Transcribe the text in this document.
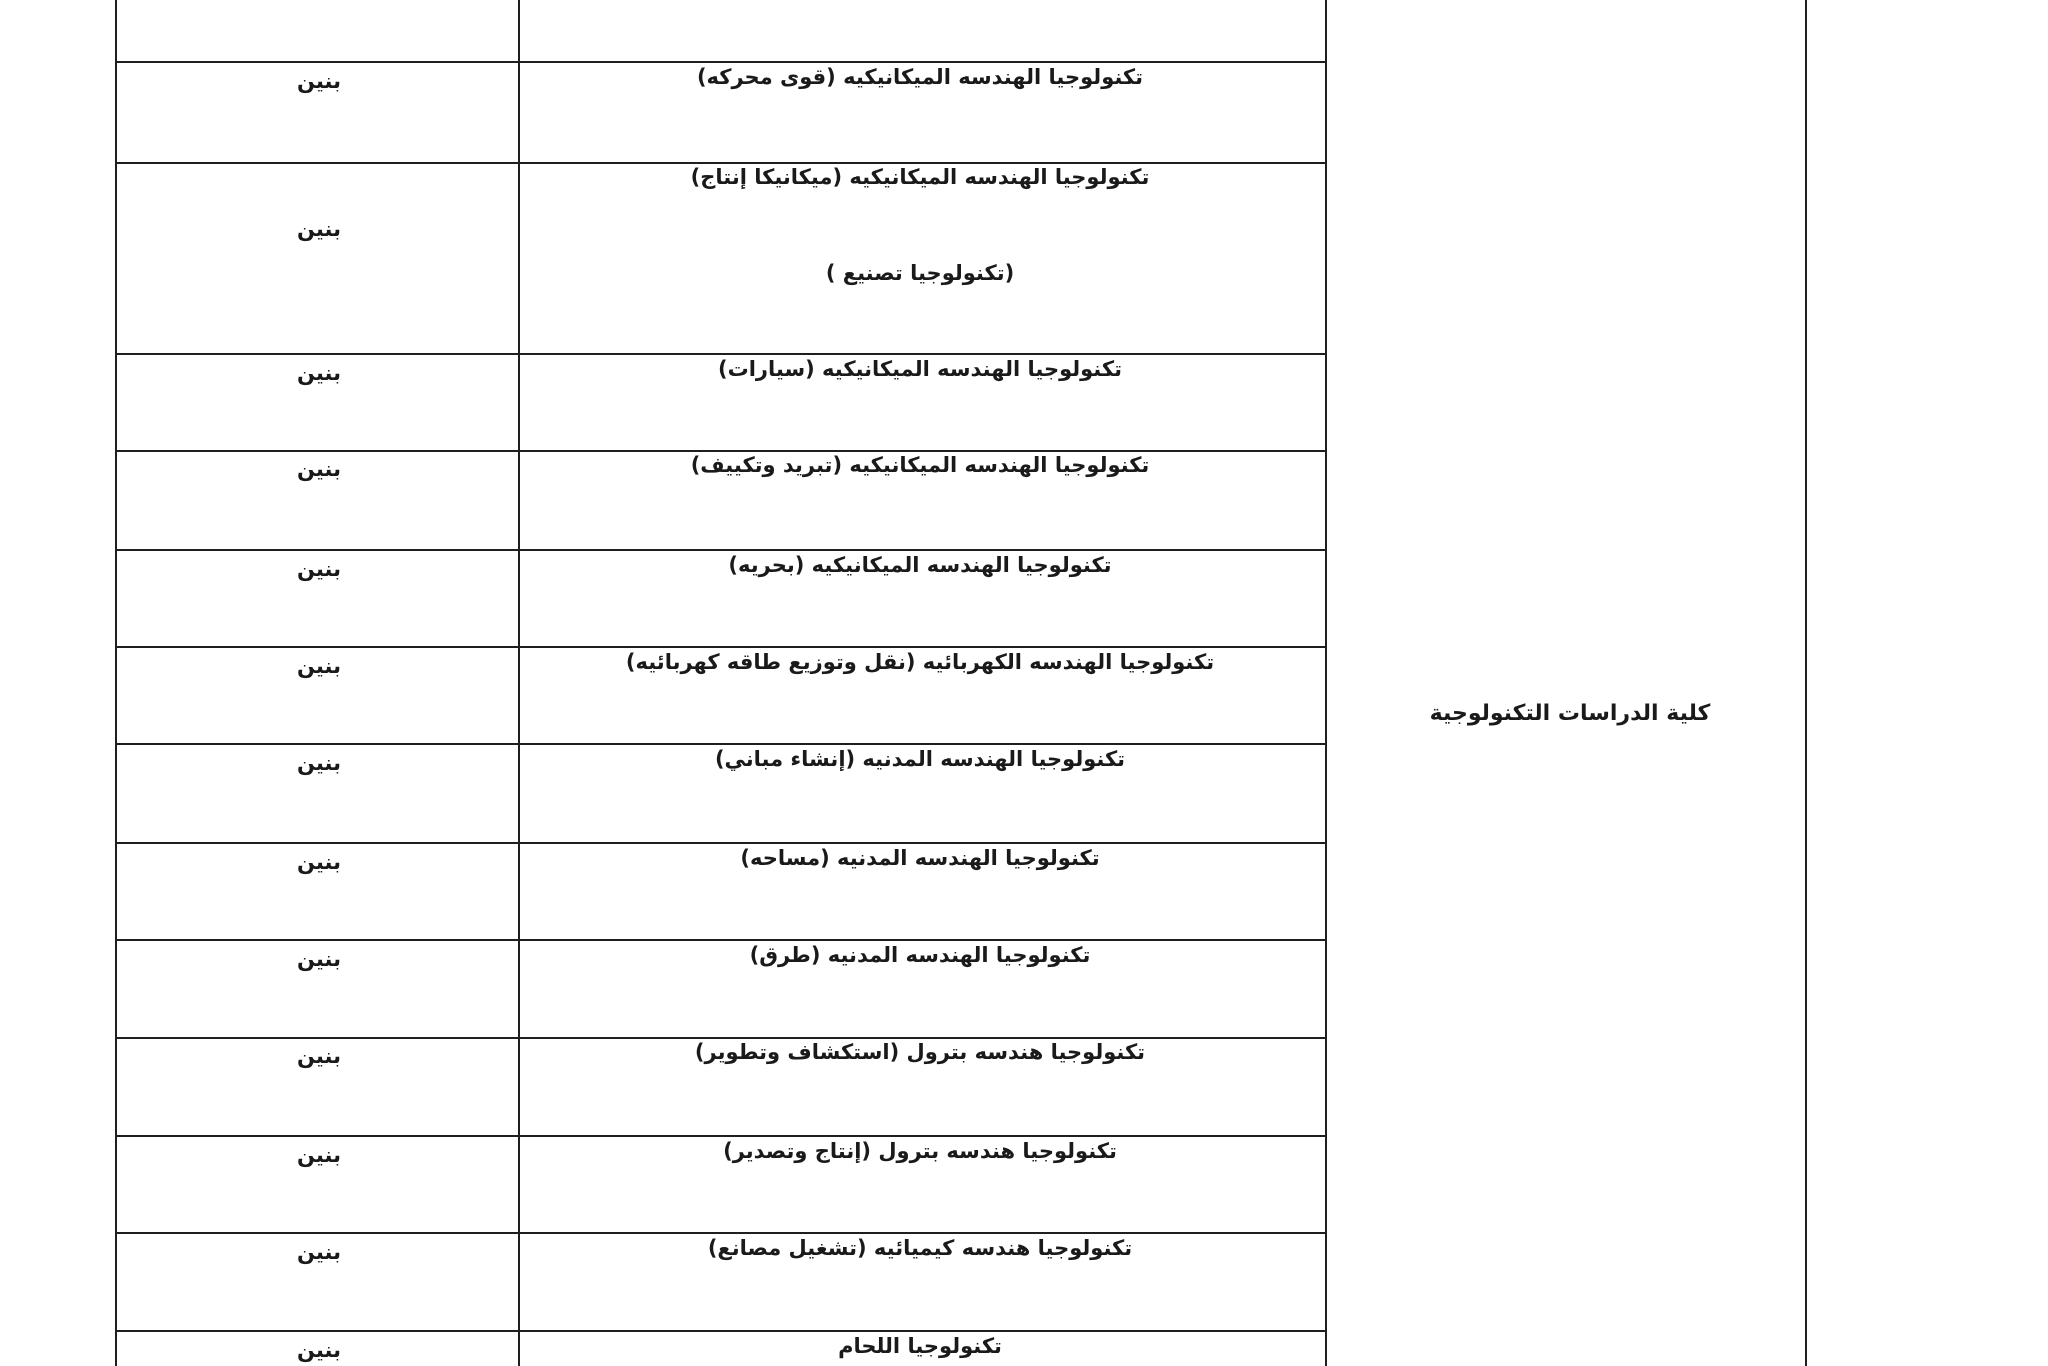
كلية الدراسات التكنولوجية
تكنولوجيا الهندسه الميكانيكيه (قوى محركه)
بنين
تكنولوجيا الهندسه الميكانيكيه (ميكانيكا إنتاج)
(تكنولوجيا تصنيع )
بنين
تكنولوجيا الهندسه الميكانيكيه (سيارات)
بنين
تكنولوجيا الهندسه الميكانيكيه (تبريد وتكييف)
بنين
تكنولوجيا الهندسه الميكانيكيه (بحريه)
بنين
تكنولوجيا الهندسه الكهربائيه (نقل وتوزيع طاقه كهربائيه)
بنين
تكنولوجيا الهندسه المدنيه (إنشاء مباني)
بنين
تكنولوجيا الهندسه المدنيه (مساحه)
بنين
تكنولوجيا الهندسه المدنيه (طرق)
بنين
تكنولوجيا هندسه بترول (استكشاف وتطوير)
بنين
تكنولوجيا هندسه بترول (إنتاج وتصدير)
بنين
تكنولوجيا هندسه كيميائيه (تشغيل مصانع)
بنين
تكنولوجيا اللحام
بنين
